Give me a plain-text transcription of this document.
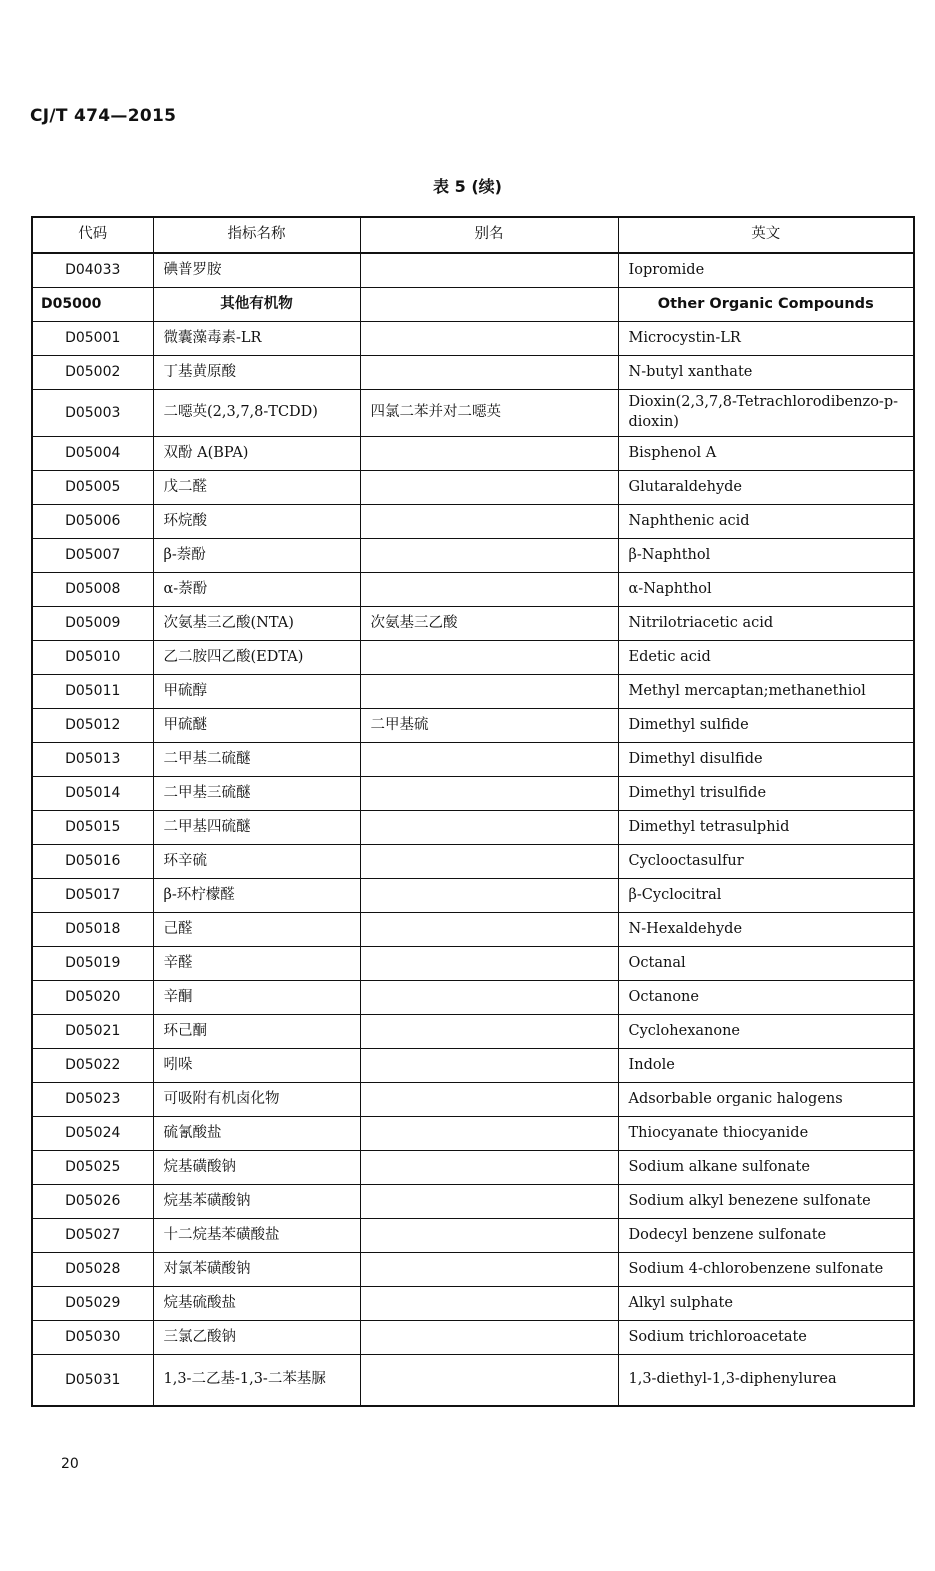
CJ/T 474—2015
表 5 (续)
代码	指标名称	别名	英文
D04033	碘普罗胺		Iopromide
D05000	其他有机物		Other Organic Compounds
D05001	微囊藻毒素-LR		Microcystin-LR
D05002	丁基黄原酸		N-butyl xanthate
D05003	二噁英(2,3,7,8-TCDD)	四氯二苯并对二噁英	Dioxin(2,3,7,8-Tetrachlorodibenzo-p-dioxin)
D05004	双酚 A(BPA)		Bisphenol A
D05005	戊二醛		Glutaraldehyde
D05006	环烷酸		Naphthenic acid
D05007	β-萘酚		β-Naphthol
D05008	α-萘酚		α-Naphthol
D05009	次氨基三乙酸(NTA)	次氨基三乙酸	Nitrilotriacetic acid
D05010	乙二胺四乙酸(EDTA)		Edetic acid
D05011	甲硫醇		Methyl mercaptan;methanethiol
D05012	甲硫醚	二甲基硫	Dimethyl sulfide
D05013	二甲基二硫醚		Dimethyl disulfide
D05014	二甲基三硫醚		Dimethyl trisulfide
D05015	二甲基四硫醚		Dimethyl tetrasulphid
D05016	环辛硫		Cyclooctasulfur
D05017	β-环柠檬醛		β-Cyclocitral
D05018	己醛		N-Hexaldehyde
D05019	辛醛		Octanal
D05020	辛酮		Octanone
D05021	环己酮		Cyclohexanone
D05022	吲哚		Indole
D05023	可吸附有机卤化物		Adsorbable organic halogens
D05024	硫氰酸盐		Thiocyanate thiocyanide
D05025	烷基磺酸钠		Sodium alkane sulfonate
D05026	烷基苯磺酸钠		Sodium alkyl benezene sulfonate
D05027	十二烷基苯磺酸盐		Dodecyl benzene sulfonate
D05028	对氯苯磺酸钠		Sodium 4-chlorobenzene sulfonate
D05029	烷基硫酸盐		Alkyl sulphate
D05030	三氯乙酸钠		Sodium trichloroacetate
D05031	1,3-二乙基-1,3-二苯基脲		1,3-diethyl-1,3-diphenylurea
20
